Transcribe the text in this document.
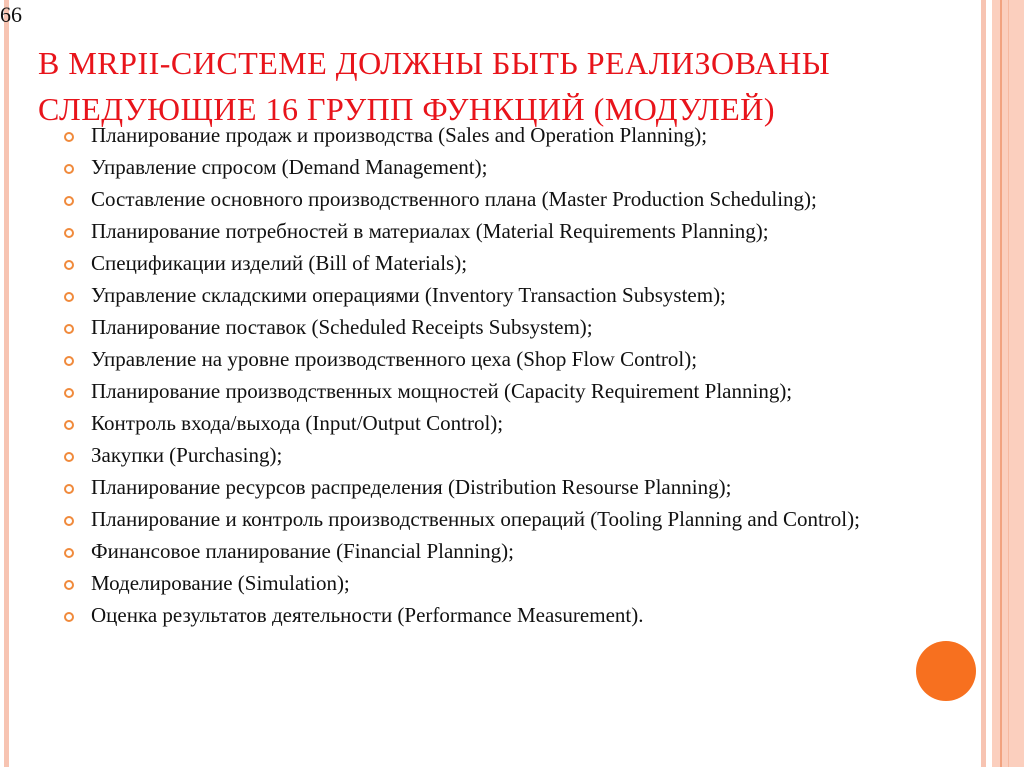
66
В MRPII-СИСТЕМЕ ДОЛЖНЫ БЫТЬ РЕАЛИЗОВАНЫ
СЛЕДУЮЩИЕ 16 ГРУПП ФУНКЦИЙ (МОДУЛЕЙ)
Планирование продаж и производства (Sales and Operation Planning);
Управление спросом (Demand Management);
Составление основного производственного плана (Master Production Scheduling);
Планирование потребностей в материалах (Material Requirements Planning);
Спецификации изделий (Bill of Materials);
Управление складскими операциями (Inventory Transaction Subsystem);
Планирование поставок (Scheduled Receipts Subsystem);
Управление на уровне производственного цеха (Shop Flow Control);
Планирование производственных мощностей (Capacity Requirement Planning);
Контроль входа/выхода (Input/Output Control);
Закупки (Purchasing);
Планирование ресурсов распределения (Distribution Resourse Planning);
Планирование и контроль производственных операций (Tooling Planning and Control);
Финансовое планирование (Financial Planning);
Моделирование (Simulation);
Оценка результатов деятельности (Performance Measurement).
